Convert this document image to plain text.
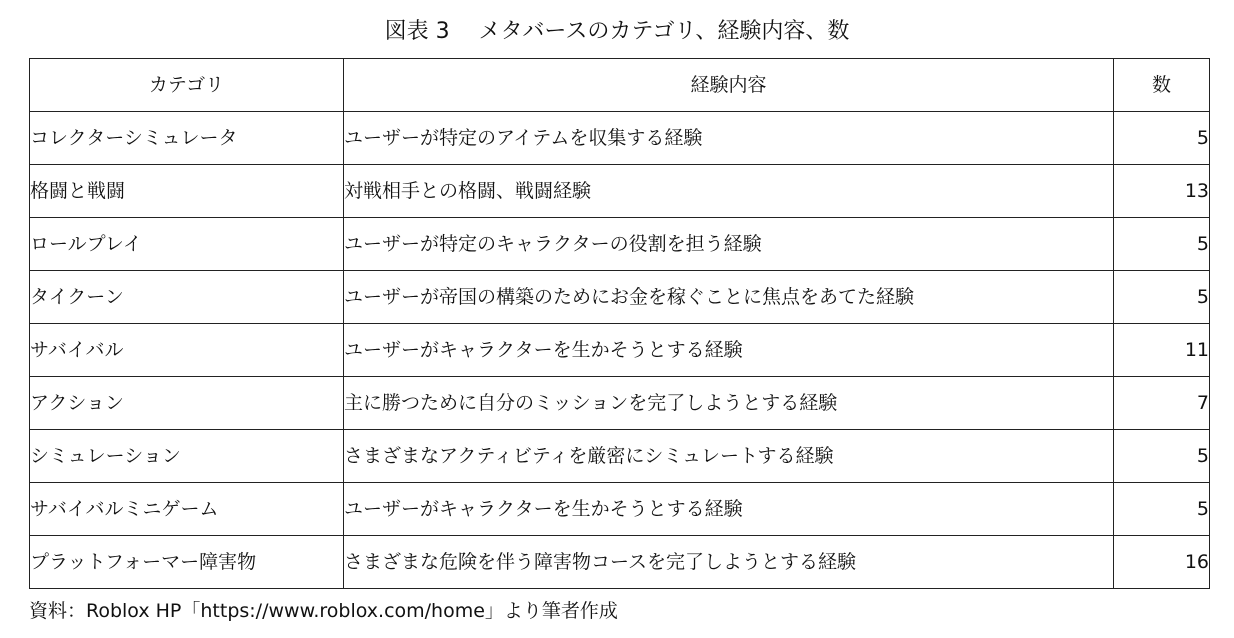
図表 3　 メタバースのカテゴリ、経験内容、数
カテゴリ	経験内容	数
コレクターシミュレータ	ユーザーが特定のアイテムを収集する経験	5
格闘と戦闘	対戦相手との格闘、戦闘経験	13
ロールプレイ	ユーザーが特定のキャラクターの役割を担う経験	5
タイクーン	ユーザーが帝国の構築のためにお金を稼ぐことに焦点をあてた経験	5
サバイバル	ユーザーがキャラクターを生かそうとする経験	11
アクション	主に勝つために自分のミッションを完了しようとする経験	7
シミュレーション	さまざまなアクティビティを厳密にシミュレートする経験	5
サバイバルミニゲーム	ユーザーがキャラクターを生かそうとする経験	5
プラットフォーマー障害物	さまざまな危険を伴う障害物コースを完了しようとする経験	16
資料：Roblox HP「https://www.roblox.com/home」より筆者作成
